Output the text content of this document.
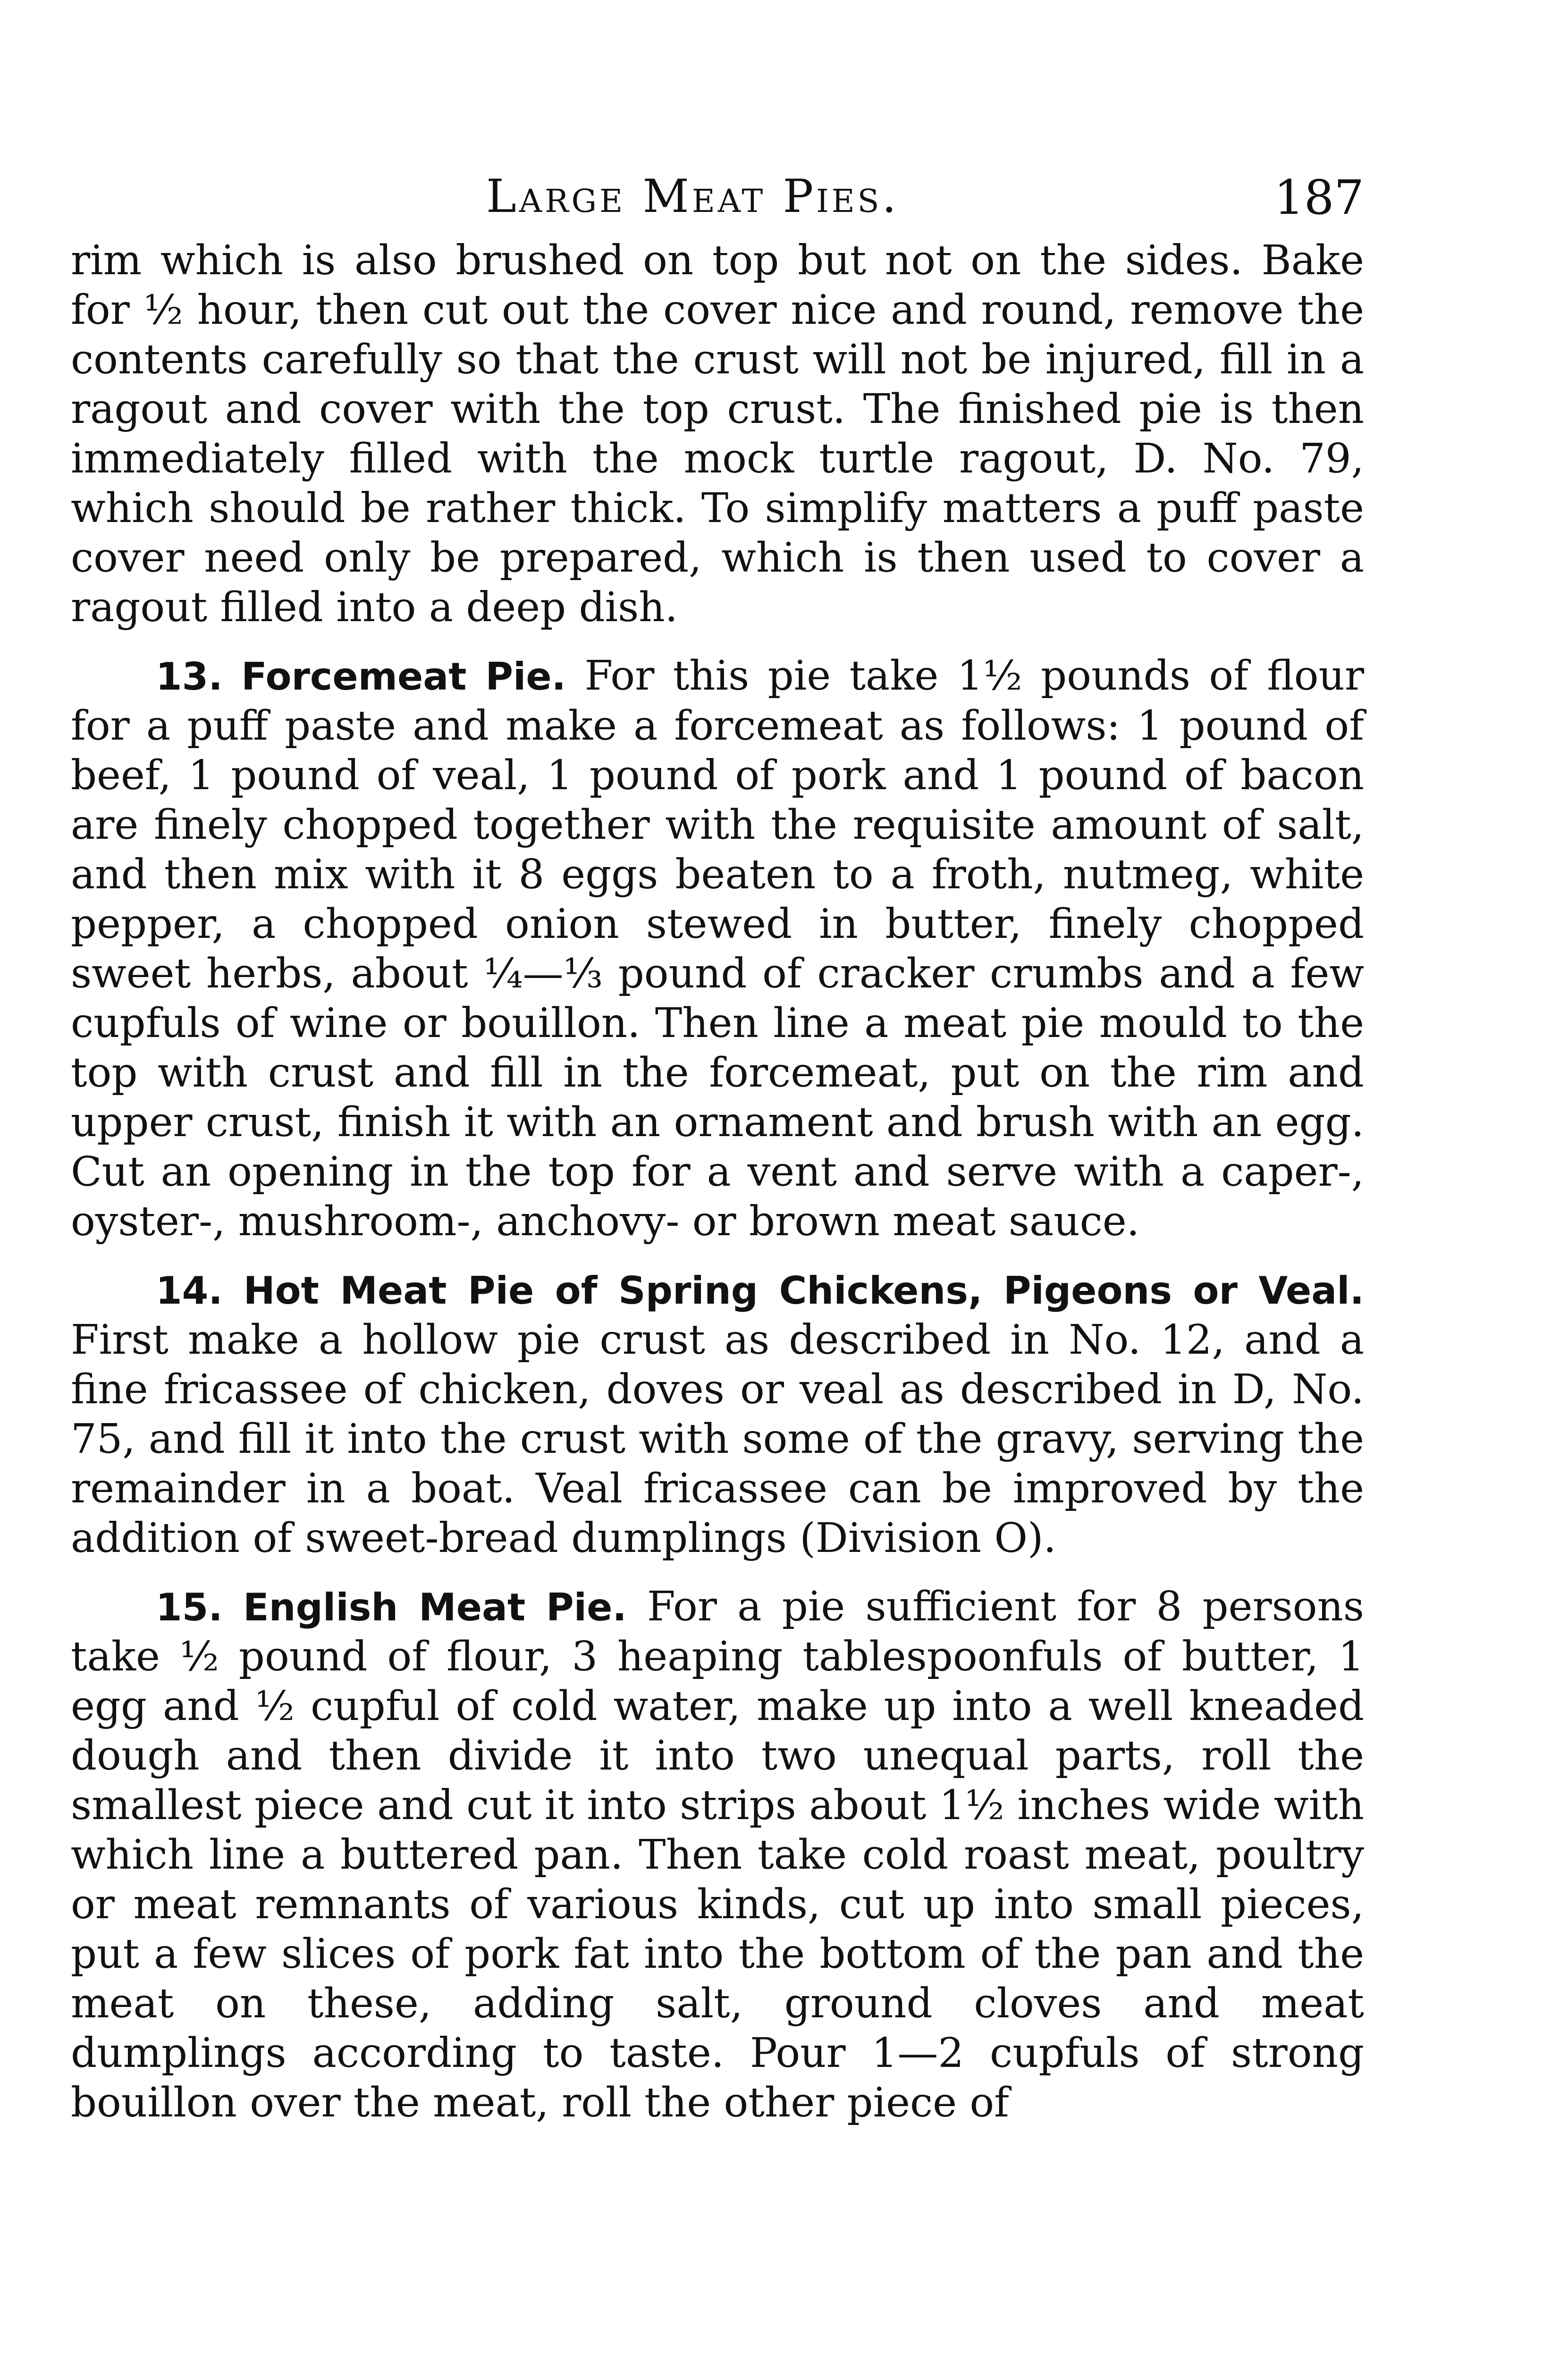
Large Meat Pies.	187

rim which is also brushed on top but not on the sides. Bake for ½ hour, then cut out the cover nice and round, remove the contents carefully so that the crust will not be injured, fill in a ragout and cover with the top crust. The finished pie is then immediately filled with the mock turtle ragout, D. No. 79, which should be rather thick. To simplify matters a puff paste cover need only be prepared, which is then used to cover a ragout filled into a deep dish.

13. Forcemeat Pie. For this pie take 1½ pounds of flour for a puff paste and make a forcemeat as follows: 1 pound of beef, 1 pound of veal, 1 pound of pork and 1 pound of bacon are finely chopped together with the requisite amount of salt, and then mix with it 8 eggs beaten to a froth, nutmeg, white pepper, a chopped onion stewed in butter, finely chopped sweet herbs, about ¼—⅓ pound of cracker crumbs and a few cupfuls of wine or bouillon. Then line a meat pie mould to the top with crust and fill in the forcemeat, put on the rim and upper crust, finish it with an ornament and brush with an egg. Cut an opening in the top for a vent and serve with a caper-, oyster-, mushroom-, anchovy- or brown meat sauce.

14. Hot Meat Pie of Spring Chickens, Pigeons or Veal. First make a hollow pie crust as described in No. 12, and a fine fricassee of chicken, doves or veal as described in D, No. 75, and fill it into the crust with some of the gravy, serving the remainder in a boat. Veal fricassee can be improved by the addition of sweet-bread dumplings (Division O).

15. English Meat Pie. For a pie sufficient for 8 persons take ½ pound of flour, 3 heaping tablespoonfuls of butter, 1 egg and ½ cupful of cold water, make up into a well kneaded dough and then divide it into two unequal parts, roll the smallest piece and cut it into strips about 1½ inches wide with which line a buttered pan. Then take cold roast meat, poultry or meat remnants of various kinds, cut up into small pieces, put a few slices of pork fat into the bottom of the pan and the meat on these, adding salt, ground cloves and meat dumplings according to taste. Pour 1—2 cupfuls of strong bouillon over the meat, roll the other piece of
